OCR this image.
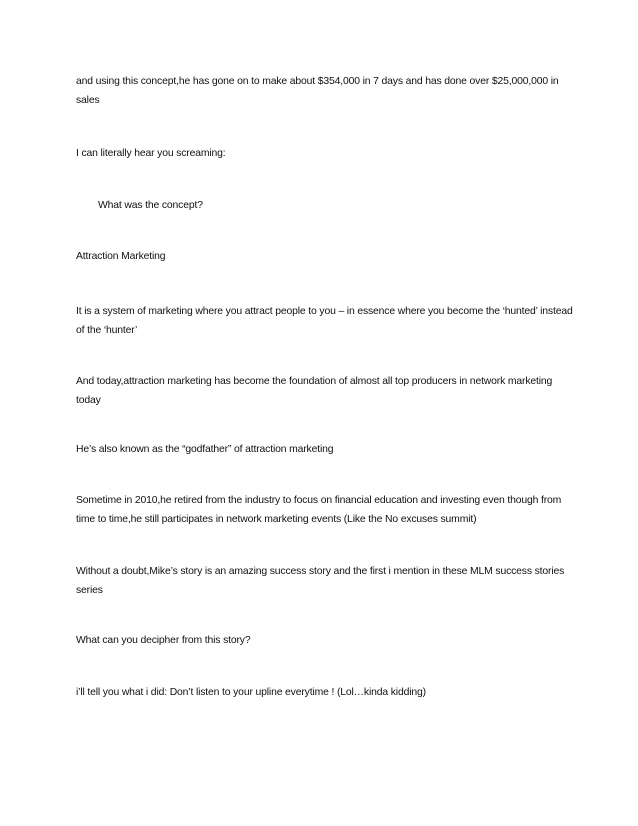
and using this concept,he has gone on to make about $354,000 in 7 days and has done over $25,000,000 in sales

I can literally hear you screaming:

What was the concept?

Attraction Marketing

It is a system of marketing where you attract people to you – in essence where you become the ‘hunted’ instead of the ‘hunter’

And today,attraction marketing has become the foundation of almost all top producers in network marketing today

He’s also known as the “godfather” of attraction marketing

Sometime in 2010,he retired from the industry to focus on financial education and investing even though from time to time,he still participates in network marketing events (Like the No excuses summit)

Without a doubt,Mike’s story is an amazing success story and the first i mention in these MLM success stories series

What can you decipher from this story?

i’ll tell you what i did: Don’t listen to your upline everytime ! (Lol…kinda kidding)
